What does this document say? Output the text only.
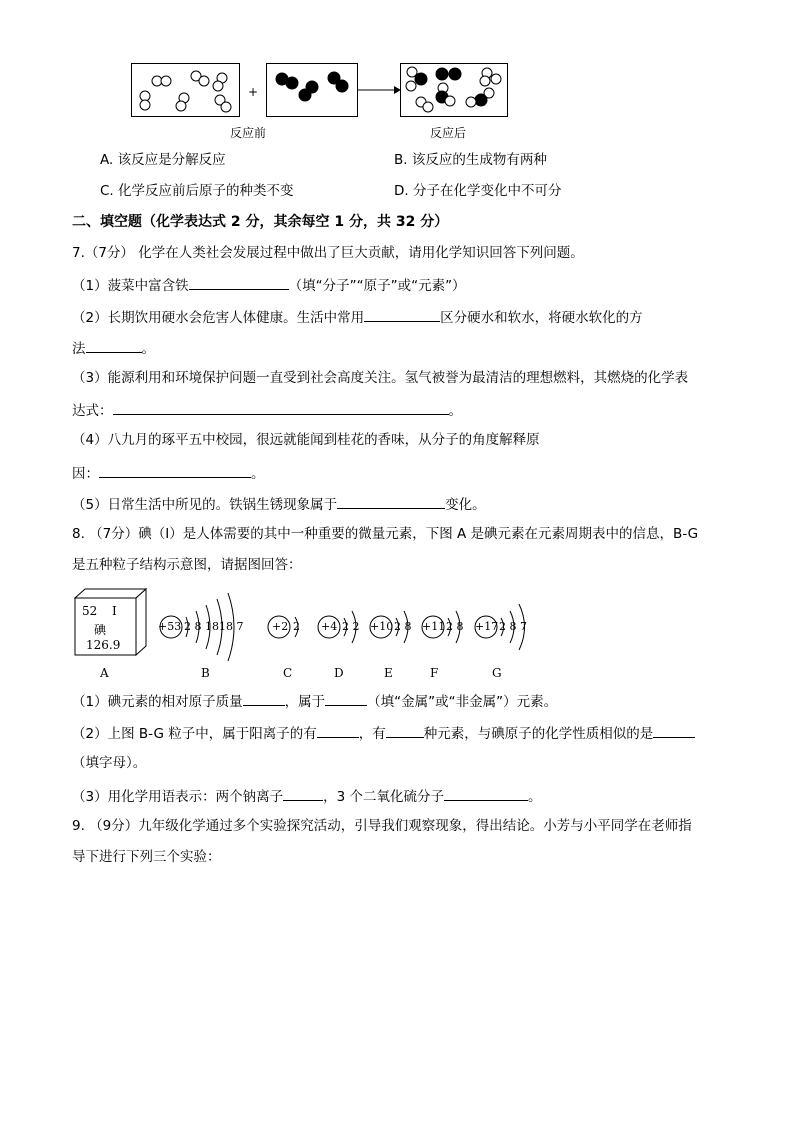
+
反应前	反应后
A. 该反应是分解反应	B. 该反应的生成物有两种
C. 化学反应前后原子的种类不变	D. 分子在化学变化中不可分
二、填空题（化学表达式 2 分，其余每空 1 分，共 32 分）
7.（7分） 化学在人类社会发展过程中做出了巨大贡献，请用化学知识回答下列问题。
（1）菠菜中富含铁	（填“分子”“原子”或“元素”）
（2）长期饮用硬水会危害人体健康。生活中常用	区分硬水和软水，将硬水软化的方
法	。
（3）能源利用和环境保护问题一直受到社会高度关注。氢气被誉为最清洁的理想燃料，其燃烧的化学表
达式：	。
（4）八九月的琢平五中校园，很远就能闻到桂花的香味，从分子的角度解释原
因：	。
（5）日常生活中所见的。铁锅生锈现象属于	变化。
8. （7分）碘（I）是人体需要的其中一种重要的微量元素，下图 A 是碘元素在元素周期表中的信息，B-G
是五种粒子结构示意图，请据图回答：
52 I
碘
126.9
A
+53 2 8 1818 7
B
+2 2
C
+4 2 2
D
+10 2 8
E
+11 2 8
F
+17 2 8 7
G
（1）碘元素的相对原子质量	，属于	（填“金属”或“非金属”）元素。
（2）上图 B-G 粒子中，属于阳离子的有	，有	种元素，与碘原子的化学性质相似的是
（填字母）。
（3）用化学用语表示：两个钠离子	，3 个二氧化硫分子	。
9. （9分）九年级化学通过多个实验探究活动，引导我们观察现象，得出结论。小芳与小平同学在老师指
导下进行下列三个实验：
